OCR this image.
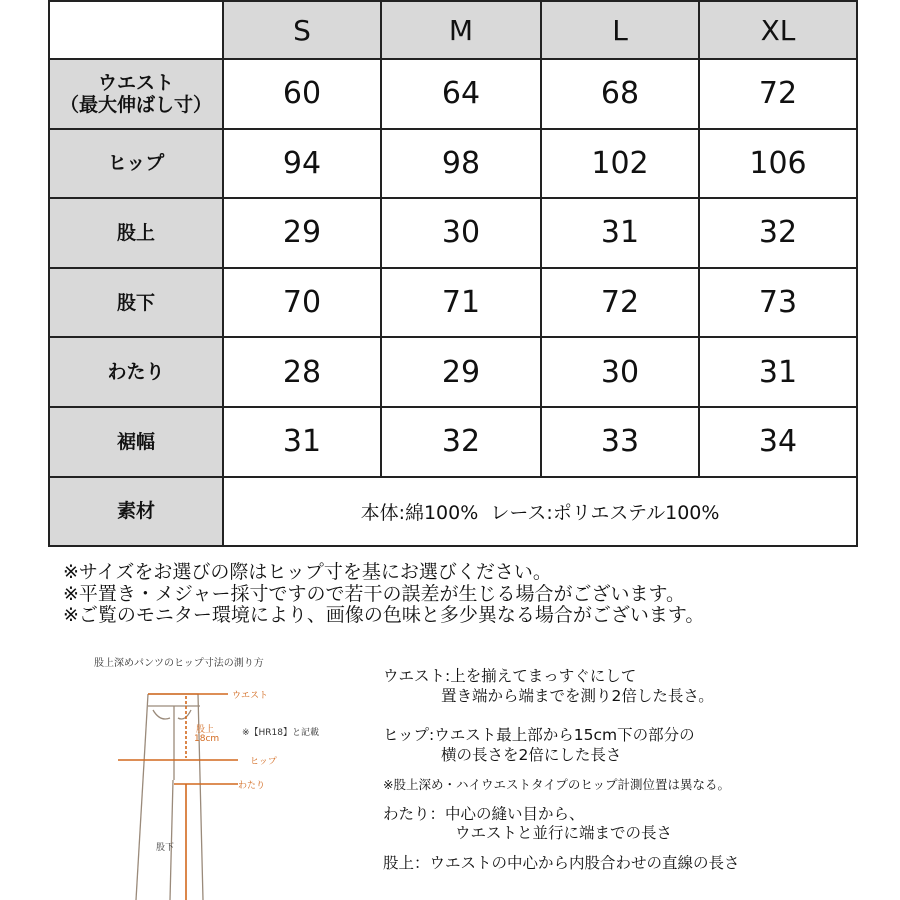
	S	M	L	XL
ウエスト
（最大伸ばし寸）	60	64	68	72
ヒップ	94	98	102	106
股上	29	30	31	32
股下	70	71	72	73
わたり	28	29	30	31
裾幅	31	32	33	34
素材	本体:綿100%  レース:ポリエステル100%			
※サイズをお選びの際はヒップ寸を基にお選びください。
※平置き・メジャー採寸ですので若干の誤差が生じる場合がございます。
※ご覧のモニター環境により、画像の色味と多少異なる場合がございます。
股上深めパンツのヒップ寸法の測り方
ウエスト
股上
18cm
※【HR18】と記載
ヒップ
わたり
股下
ウエスト:上を揃えてまっすぐにして
置き端から端までを測り2倍した長さ。
ヒップ:ウエスト最上部から15cm下の部分の
横の長さを2倍にした長さ
※股上深め・ハイウエストタイプのヒップ計測位置は異なる。
わたり：中心の縫い目から、
ウエストと並行に端までの長さ
股上：ウエストの中心から内股合わせの直線の長さ
